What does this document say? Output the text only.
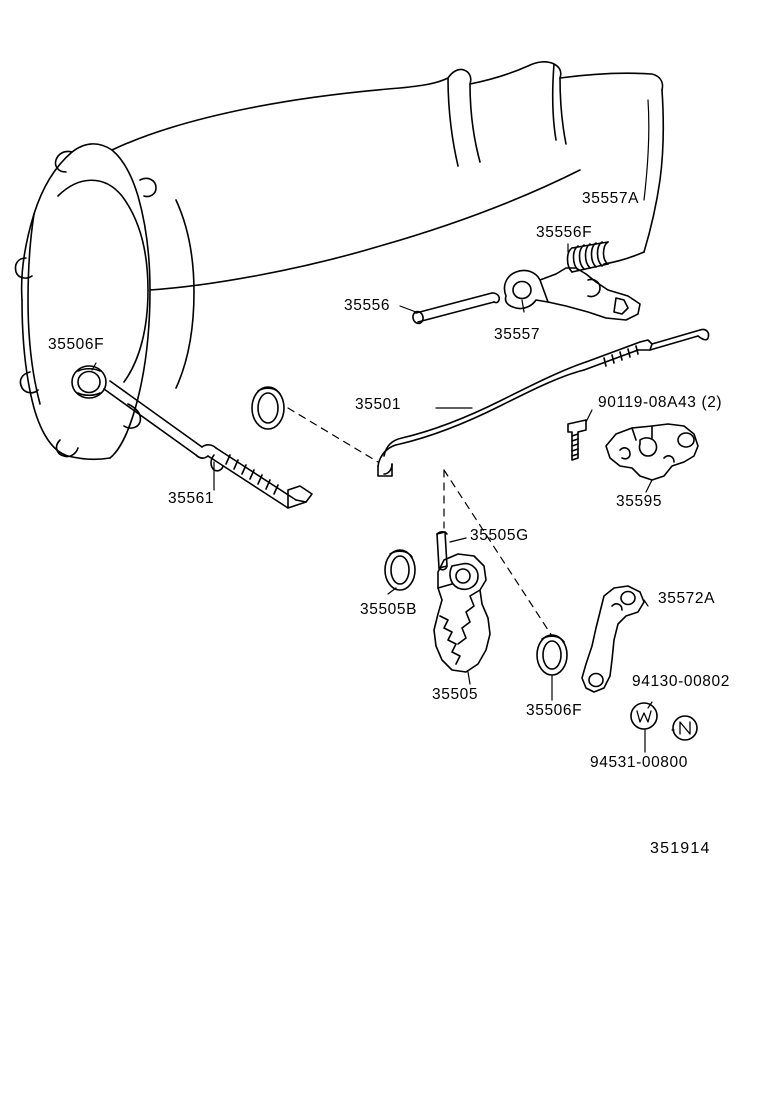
35557A
35556F
35556
35557
35506F
35501	90119-08A43 (2)
35561	35595
35505G
35572A
35505B
35505
35506F
94130-00802
94531-00800
351914
